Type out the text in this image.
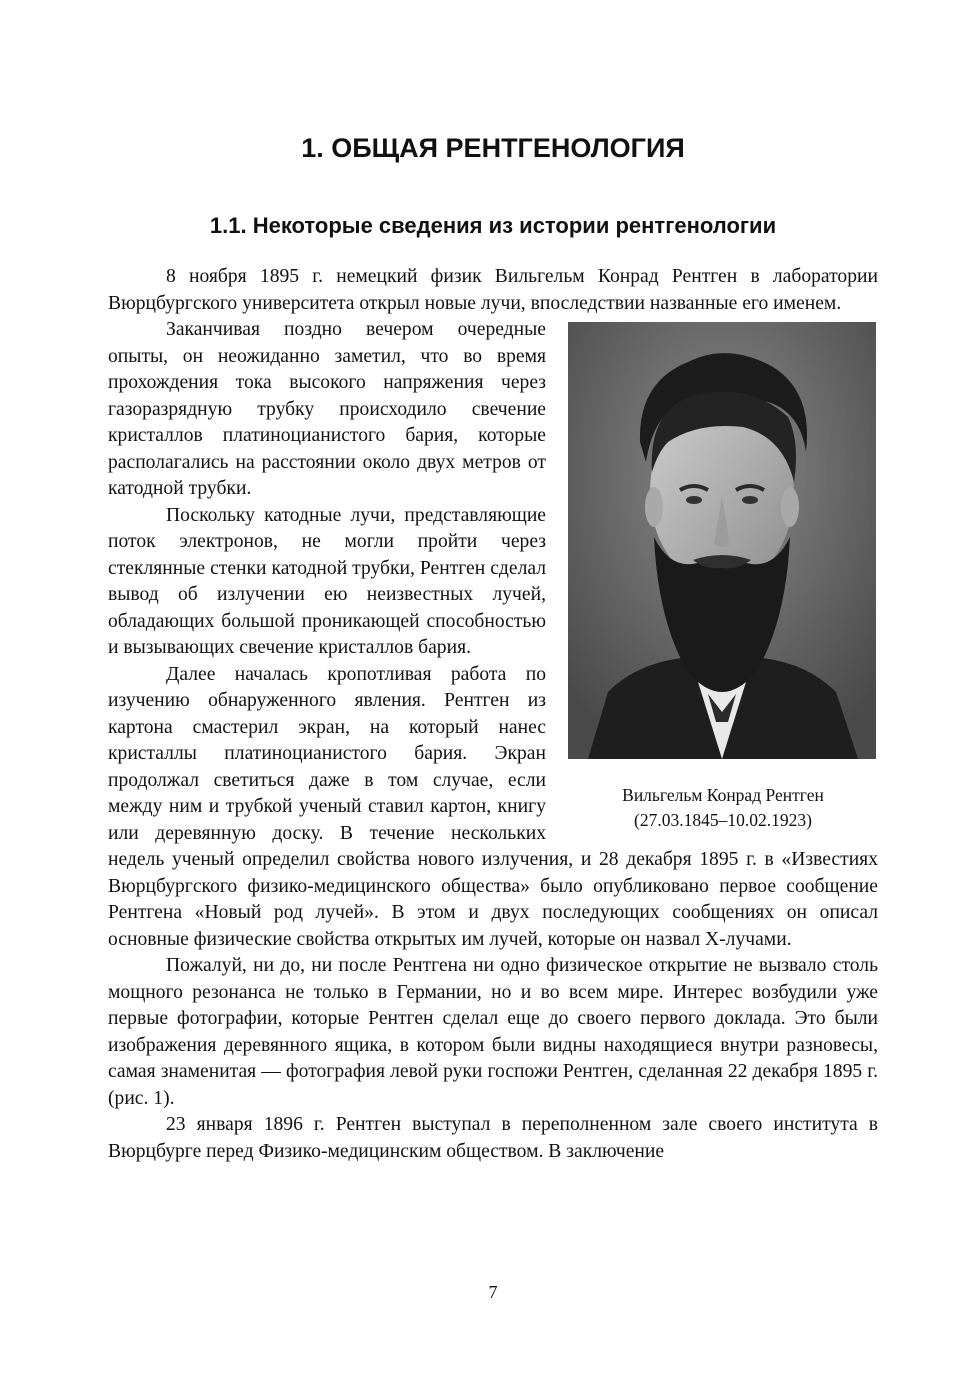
1. ОБЩАЯ РЕНТГЕНОЛОГИЯ
1.1. Некоторые сведения из истории рентгенологии

8 ноября 1895 г. немецкий физик Вильгельм Конрад Рентген в лаборатории Вюрцбургского университета открыл новые лучи, впоследствии названные его именем.

Вильгельм Конрад Рентген
(27.03.1845–10.02.1923)

Заканчивая поздно вечером очередные опыты, он неожиданно заметил, что во время прохождения тока высокого напряжения через газоразрядную трубку происходило свечение кристаллов платиноцианистого бария, которые располагались на расстоянии около двух метров от катодной трубки.

Поскольку катодные лучи, представляющие поток электронов, не могли пройти через стеклянные стенки катодной трубки, Рентген сделал вывод об излучении ею неизвестных лучей, обладающих большой проникающей способностью и вызывающих свечение кристаллов бария.

Далее началась кропотливая работа по изучению обнаруженного явления. Рентген из картона смастерил экран, на который нанес кристаллы платиноцианистого бария. Экран продолжал светиться даже в том случае, если между ним и трубкой ученый ставил картон, книгу или деревянную доску. В течение нескольких недель ученый определил свойства нового излучения, и 28 декабря 1895 г. в «Известиях Вюрцбургского физико-медицинского общества» было опубликовано первое сообщение Рентгена «Новый род лучей». В этом и двух последующих сообщениях он описал основные физические свойства открытых им лучей, которые он назвал X-лучами.

Пожалуй, ни до, ни после Рентгена ни одно физическое открытие не вызвало столь мощного резонанса не только в Германии, но и во всем мире. Интерес возбудили уже первые фотографии, которые Рентген сделал еще до своего первого доклада. Это были изображения деревянного ящика, в котором были видны находящиеся внутри разновесы, самая знаменитая — фотография левой руки госпожи Рентген, сделанная 22 декабря 1895 г. (рис. 1).

23 января 1896 г. Рентген выступал в переполненном зале своего института в Вюрцбурге перед Физико-медицинским обществом. В заключение

7
